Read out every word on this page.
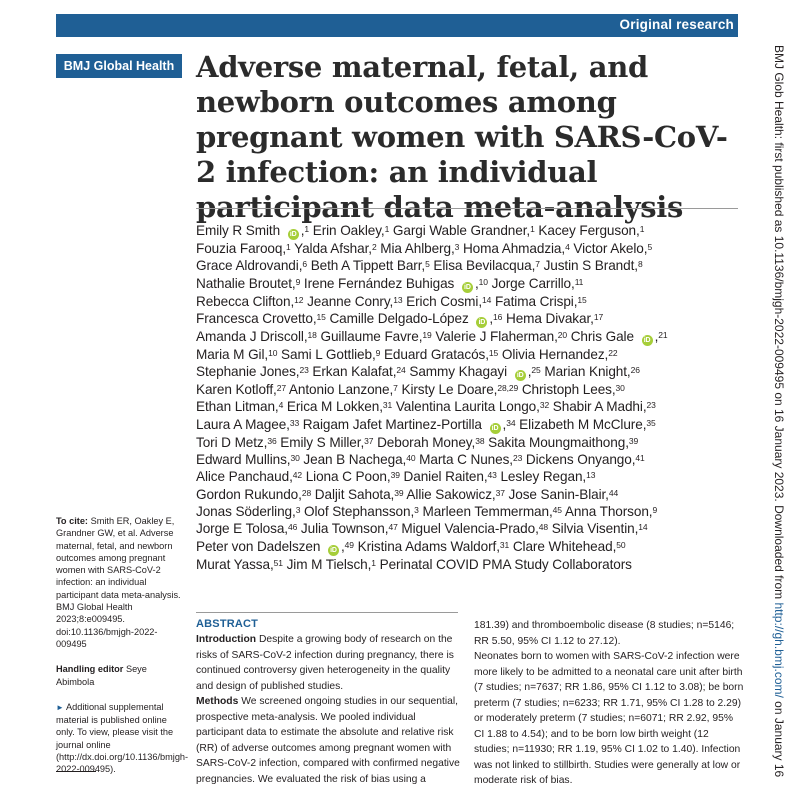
Original research
BMJ Global Health Adverse maternal, fetal, and newborn outcomes among pregnant women with SARS-CoV-2 infection: an individual participant data meta-analysis
Emily R Smith iD ,$^1$ Erin Oakley,$^1$ Gargi Wable Grandner,$^1$ Kacey Ferguson,$^1$
Fouzia Farooq,$^1$ Yalda Afshar,$^2$ Mia Ahlberg,$^3$ Homa Ahmadzia,$^4$ Victor Akelo,$^5$
Grace Aldrovandi,$^6$ Beth A Tippett Barr,$^5$ Elisa Bevilacqua,$^7$ Justin S Brandt,$^8$
Nathalie Broutet,$^9$ Irene Fernández Buhigas iD ,$^{10}$ Jorge Carrillo,$^{11}$
Rebecca Clifton,$^{12}$ Jeanne Conry,$^{13}$ Erich Cosmi,$^{14}$ Fatima Crispi,$^{15}$
Francesca Crovetto,$^{15}$ Camille Delgado-López iD ,$^{16}$ Hema Divakar,$^{17}$
Amanda J Driscoll,$^{18}$ Guillaume Favre,$^{19}$ Valerie J Flaherman,$^{20}$ Chris Gale iD ,$^{21}$
Maria M Gil,$^{10}$ Sami L Gottlieb,$^9$ Eduard Gratacós,$^{15}$ Olivia Hernandez,$^{22}$
Stephanie Jones,$^{23}$ Erkan Kalafat,$^{24}$ Sammy Khagayi iD ,$^{25}$ Marian Knight,$^{26}$
Karen Kotloff,$^{27}$ Antonio Lanzone,$^7$ Kirsty Le Doare,$^{28,29}$ Christoph Lees,$^{30}$
Ethan Litman,$^4$ Erica M Lokken,$^{31}$ Valentina Laurita Longo,$^{32}$ Shabir A Madhi,$^{23}$
Laura A Magee,$^{33}$ Raigam Jafet Martinez-Portilla iD ,$^{34}$ Elizabeth M McClure,$^{35}$
Tori D Metz,$^{36}$ Emily S Miller,$^{37}$ Deborah Money,$^{38}$ Sakita Moungmaithong,$^{39}$
Edward Mullins,$^{30}$ Jean B Nachega,$^{40}$ Marta C Nunes,$^{23}$ Dickens Onyango,$^{41}$
Alice Panchaud,$^{42}$ Liona C Poon,$^{39}$ Daniel Raiten,$^{43}$ Lesley Regan,$^{13}$
Gordon Rukundo,$^{28}$ Daljit Sahota,$^{39}$ Allie Sakowicz,$^{37}$ Jose Sanin-Blair,$^{44}$
Jonas Söderling,$^3$ Olof Stephansson,$^3$ Marleen Temmerman,$^{45}$ Anna Thorson,$^9$
Jorge E Tolosa,$^{46}$ Julia Townson,$^{47}$ Miguel Valencia-Prado,$^{48}$ Silvia Visentin,$^{14}$
Peter von Dadelszen iD ,$^{49}$ Kristina Adams Waldorf,$^{31}$ Clare Whitehead,$^{50}$
Murat Yassa,$^{51}$ Jim M Tielsch,$^1$ Perinatal COVID PMA Study Collaborators
To cite: Smith ER, Oakley E, Grandner GW, et al. Adverse maternal, fetal, and newborn outcomes among pregnant women with SARS-CoV-2 infection: an individual participant data meta-analysis. BMJ Global Health 2023;8:e009495. doi:10.1136/bmjgh-2022-009495
Handling editor Seye Abimbola
► Additional supplemental material is published online only. To view, please visit the journal online (http://dx.doi.org/10.1136/bmjgh-2022-009495).
ABSTRACT
Introduction Despite a growing body of research on the risks of SARS-CoV-2 infection during pregnancy, there is continued controversy given heterogeneity in the quality and design of published studies.
Methods We screened ongoing studies in our sequential, prospective meta-analysis. We pooled individual participant data to estimate the absolute and relative risk (RR) of adverse outcomes among pregnant women with SARS-CoV-2 infection, compared with confirmed negative pregnancies. We evaluated the risk of bias using a
181.39) and thromboembolic disease (8 studies; n=5146; RR 5.50, 95% CI 1.12 to 27.12).
Neonates born to women with SARS-CoV-2 infection were more likely to be admitted to a neonatal care unit after birth (7 studies; n=7637; RR 1.86, 95% CI 1.12 to 3.08); be born preterm (7 studies; n=6233; RR 1.71, 95% CI 1.28 to 2.29) or moderately preterm (7 studies; n=6071; RR 2.92, 95% CI 1.88 to 4.54); and to be born low birth weight (12 studies; n=11930; RR 1.19, 95% CI 1.02 to 1.40). Infection was not linked to stillbirth. Studies were generally at low or moderate risk of bias.
BMJ Glob Health: first published as 10.1136/bmjgh-2022-009495 on 16 January 2023. Downloaded from http://gh.bmj.com/ on January 16
